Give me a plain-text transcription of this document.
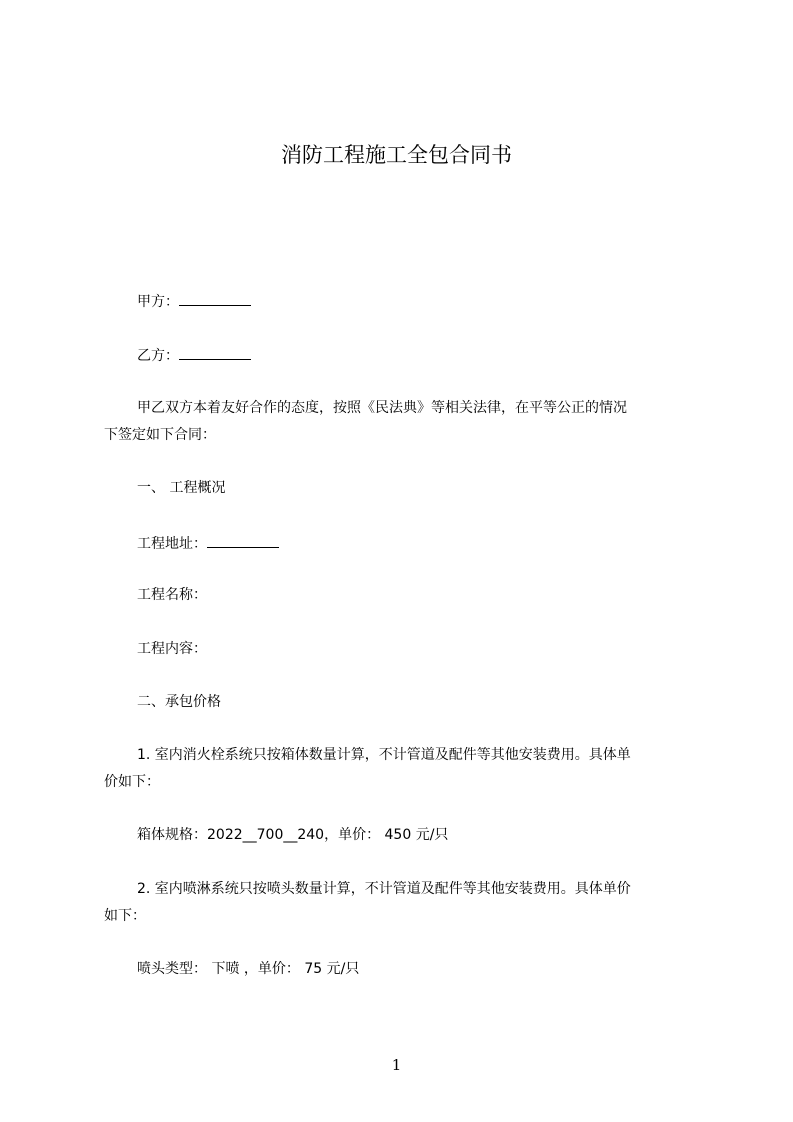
消防工程施工全包合同书
甲方：
乙方：
甲乙双方本着友好合作的态度，按照《民法典》等相关法律，在平等公正的情况
下签定如下合同：
一、 工程概况
工程地址：
工程名称：
工程内容：
二、承包价格
1. 室内消火栓系统只按箱体数量计算，不计管道及配件等其他安装费用。具体单
价如下：
箱体规格：2022__700__240，单价： 450 元/只
2. 室内喷淋系统只按喷头数量计算，不计管道及配件等其他安装费用。具体单价
如下：
喷头类型： 下喷 ，单价： 75 元/只
1
